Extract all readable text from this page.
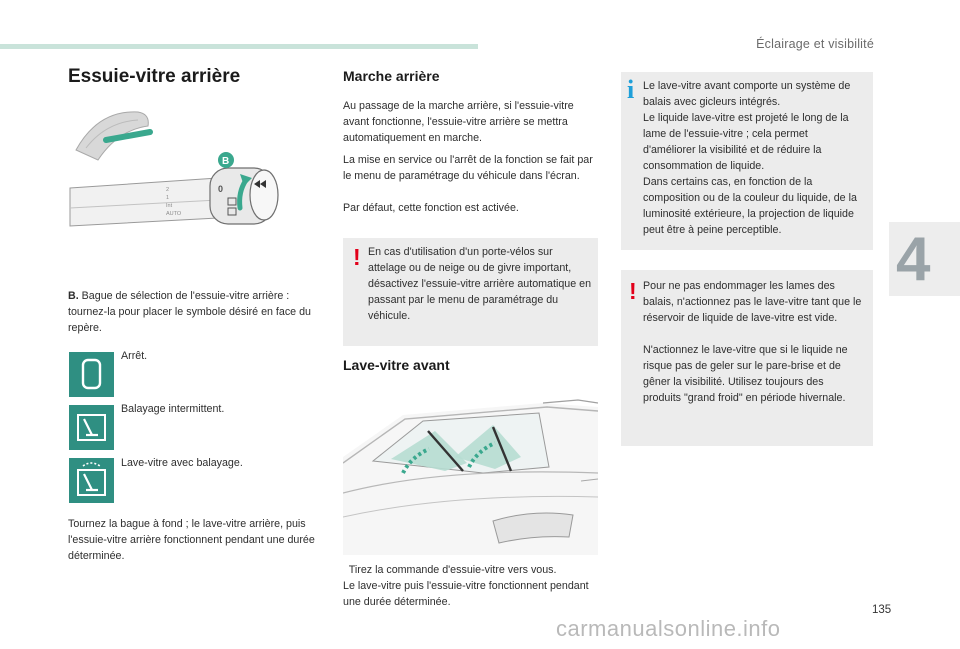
Éclairage et visibilité
4
135
carmanualsonline.info
Essuie-vitre arrière
2
1
Int
AUTO
0
B
B. Bague de sélection de l'essuie-vitre arrière : tournez-la pour placer le symbole désiré en face du repère.
Arrêt.
Balayage intermittent.
Lave-vitre avec balayage.
Tournez la bague à fond ; le lave-vitre arrière, puis l'essuie-vitre arrière fonctionnent pendant une durée déterminée.
Marche arrière

Au passage de la marche arrière, si l'essuie-vitre avant fonctionne, l'essuie-vitre arrière se mettra automatiquement en marche.

La mise en service ou l'arrêt de la fonction se fait par le menu de paramétrage du véhicule dans l'écran.

Par défaut, cette fonction est activée.

! En cas d'utilisation d'un porte-vélos sur attelage ou de neige ou de givre important, désactivez l'essuie-vitre arrière automatique en passant par le menu de paramétrage du véhicule.

Lave-vitre avant
Tirez la commande d'essuie-vitre vers vous.

Le lave-vitre puis l'essuie-vitre fonctionnent pendant une durée déterminée.

i Le lave-vitre avant comporte un système de balais avec gicleurs intégrés.

Le liquide lave-vitre est projeté le long de la lame de l'essuie-vitre ; cela permet d'améliorer la visibilité et de réduire la consommation de liquide.

Dans certains cas, en fonction de la composition ou de la couleur du liquide, de la luminosité extérieure, la projection de liquide peut être à peine perceptible.

! Pour ne pas endommager les lames des balais, n'actionnez pas le lave-vitre tant que le réservoir de liquide de lave-vitre est vide.

N'actionnez le lave-vitre que si le liquide ne risque pas de geler sur le pare-brise et de gêner la visibilité. Utilisez toujours des produits "grand froid" en période hivernale.
